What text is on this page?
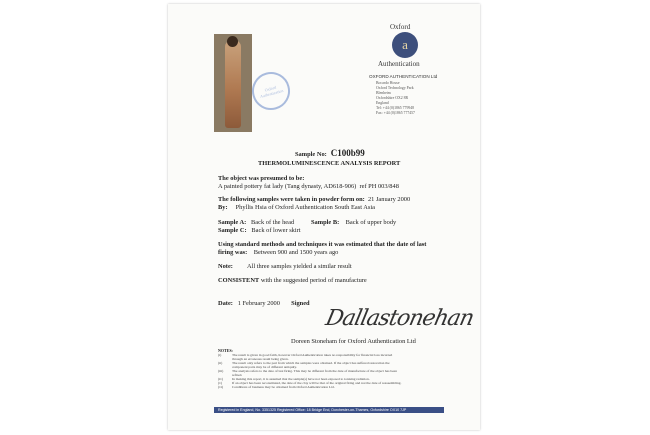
Oxford Authentication
Oxford
a
Authentication
OXFORD AUTHENTICATION Ltd
Bocardo House
Oxford Technology Park
Blenheim
Oxfordshire OX2 8R
England
Tel: +44 (0)1865 779948
Fax: +44 (0)1865 777457
Sample No: C100b99
THERMOLUMINESCENCE ANALYSIS REPORT
The object was presumed to be:
A painted pottery fat lady (Tang dynasty, AD618-906) ref PH 003/848
The following samples were taken in powder form on: 21 January 2000
By: Phyllis Hsia of Oxford Authentication South East Asia
Sample A: Back of the head	Sample B: Back of upper body
Sample C: Back of lower skirt
Using standard methods and techniques it was estimated that the date of last
firing was: Between 900 and 1500 years ago
Note: All three samples yielded a similar result
CONSISTENT with the suggested period of manufacture
Date: 1 February 2000 Signed
Dallastonehan
Doreen Stoneham for Oxford Authentication Ltd
NOTES:
(i)	The result is given in good faith, however Oxford Authentication takes no responsibility for financial loss incurred
through an erroneous result being given.
(ii)	The result only refers to the part from which the samples were obtained. If the object has suffered restoration the
component parts may be of different antiquity.
(iii)	The analysis refers to the date of last firing. This may be different from the date of manufacture of the object has been
refired.
(iv)	In making this report, it is assumed that the sample(s) have not been exposed to ionising radiation.
(v)	If an object has been reconstituted, the date of the clay will be that of the original firing and not the date of reassembling.
(vi)	Conditions of business may be obtained from Oxford Authentication Ltd.
Registered in England, No. 3351325 Registered Office: 18 Bridge End, Dorchester-on-Thames, Oxfordshire OX10 7JP
